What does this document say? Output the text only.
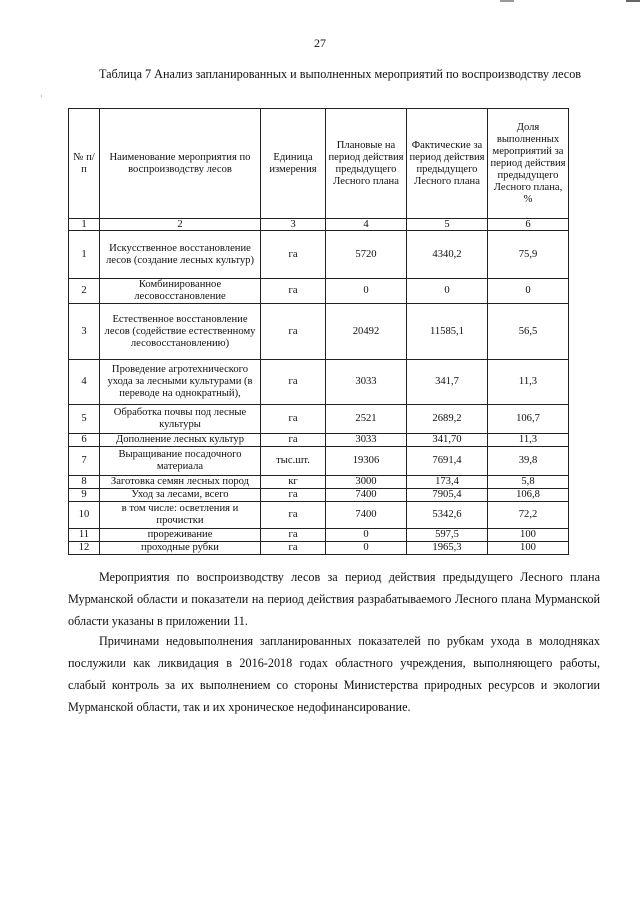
27
Таблица 7 Анализ запланированных и выполненных мероприятий по воспроизводству лесов
·
№ п/п	Наименование мероприятия по воспроизводству лесов	Единица измерения	Плановые на период действия предыдущего Лесного плана	Фактические за период действия предыдущего Лесного плана	Доля выполненных мероприятий за период действия предыдущего Лесного плана, %
1	2	3	4	5	6
1	Искусственное восстановление лесов (создание лесных культур)	га	5720	4340,2	75,9
2	Комбинированное лесовосстановление	га	0	0	0
3	Естественное восстановление лесов (содействие естественному лесовосстановлению)	га	20492	11585,1	56,5
4	Проведение агротехнического ухода за лесными культурами (в переводе на однократный),	га	3033	341,7	11,3
5	Обработка почвы под лесные культуры	га	2521	2689,2	106,7
6	Дополнение лесных культур	га	3033	341,70	11,3
7	Выращивание посадочного материала	тыс.шт.	19306	7691,4	39,8
8	Заготовка семян лесных пород	кг	3000	173,4	5,8
9	Уход за лесами, всего	га	7400	7905,4	106,8
10	в том числе: осветления и прочистки	га	7400	5342,6	72,2
11	прореживание	га	0	597,5	100
12	проходные рубки	га	0	1965,3	100
Мероприятия по воспроизводству лесов за период действия предыдущего Лесного плана Мурманской области и показатели на период действия разрабатываемого Лесного плана Мурманской области указаны в приложении 11.
Причинами недовыполнения запланированных показателей по рубкам ухода в молодняках послужили как ликвидация в 2016-2018 годах областного учреждения, выполняющего работы, слабый контроль за их выполнением со стороны Министерства природных ресурсов и экологии Мурманской области, так и их хроническое недофинансирование.
